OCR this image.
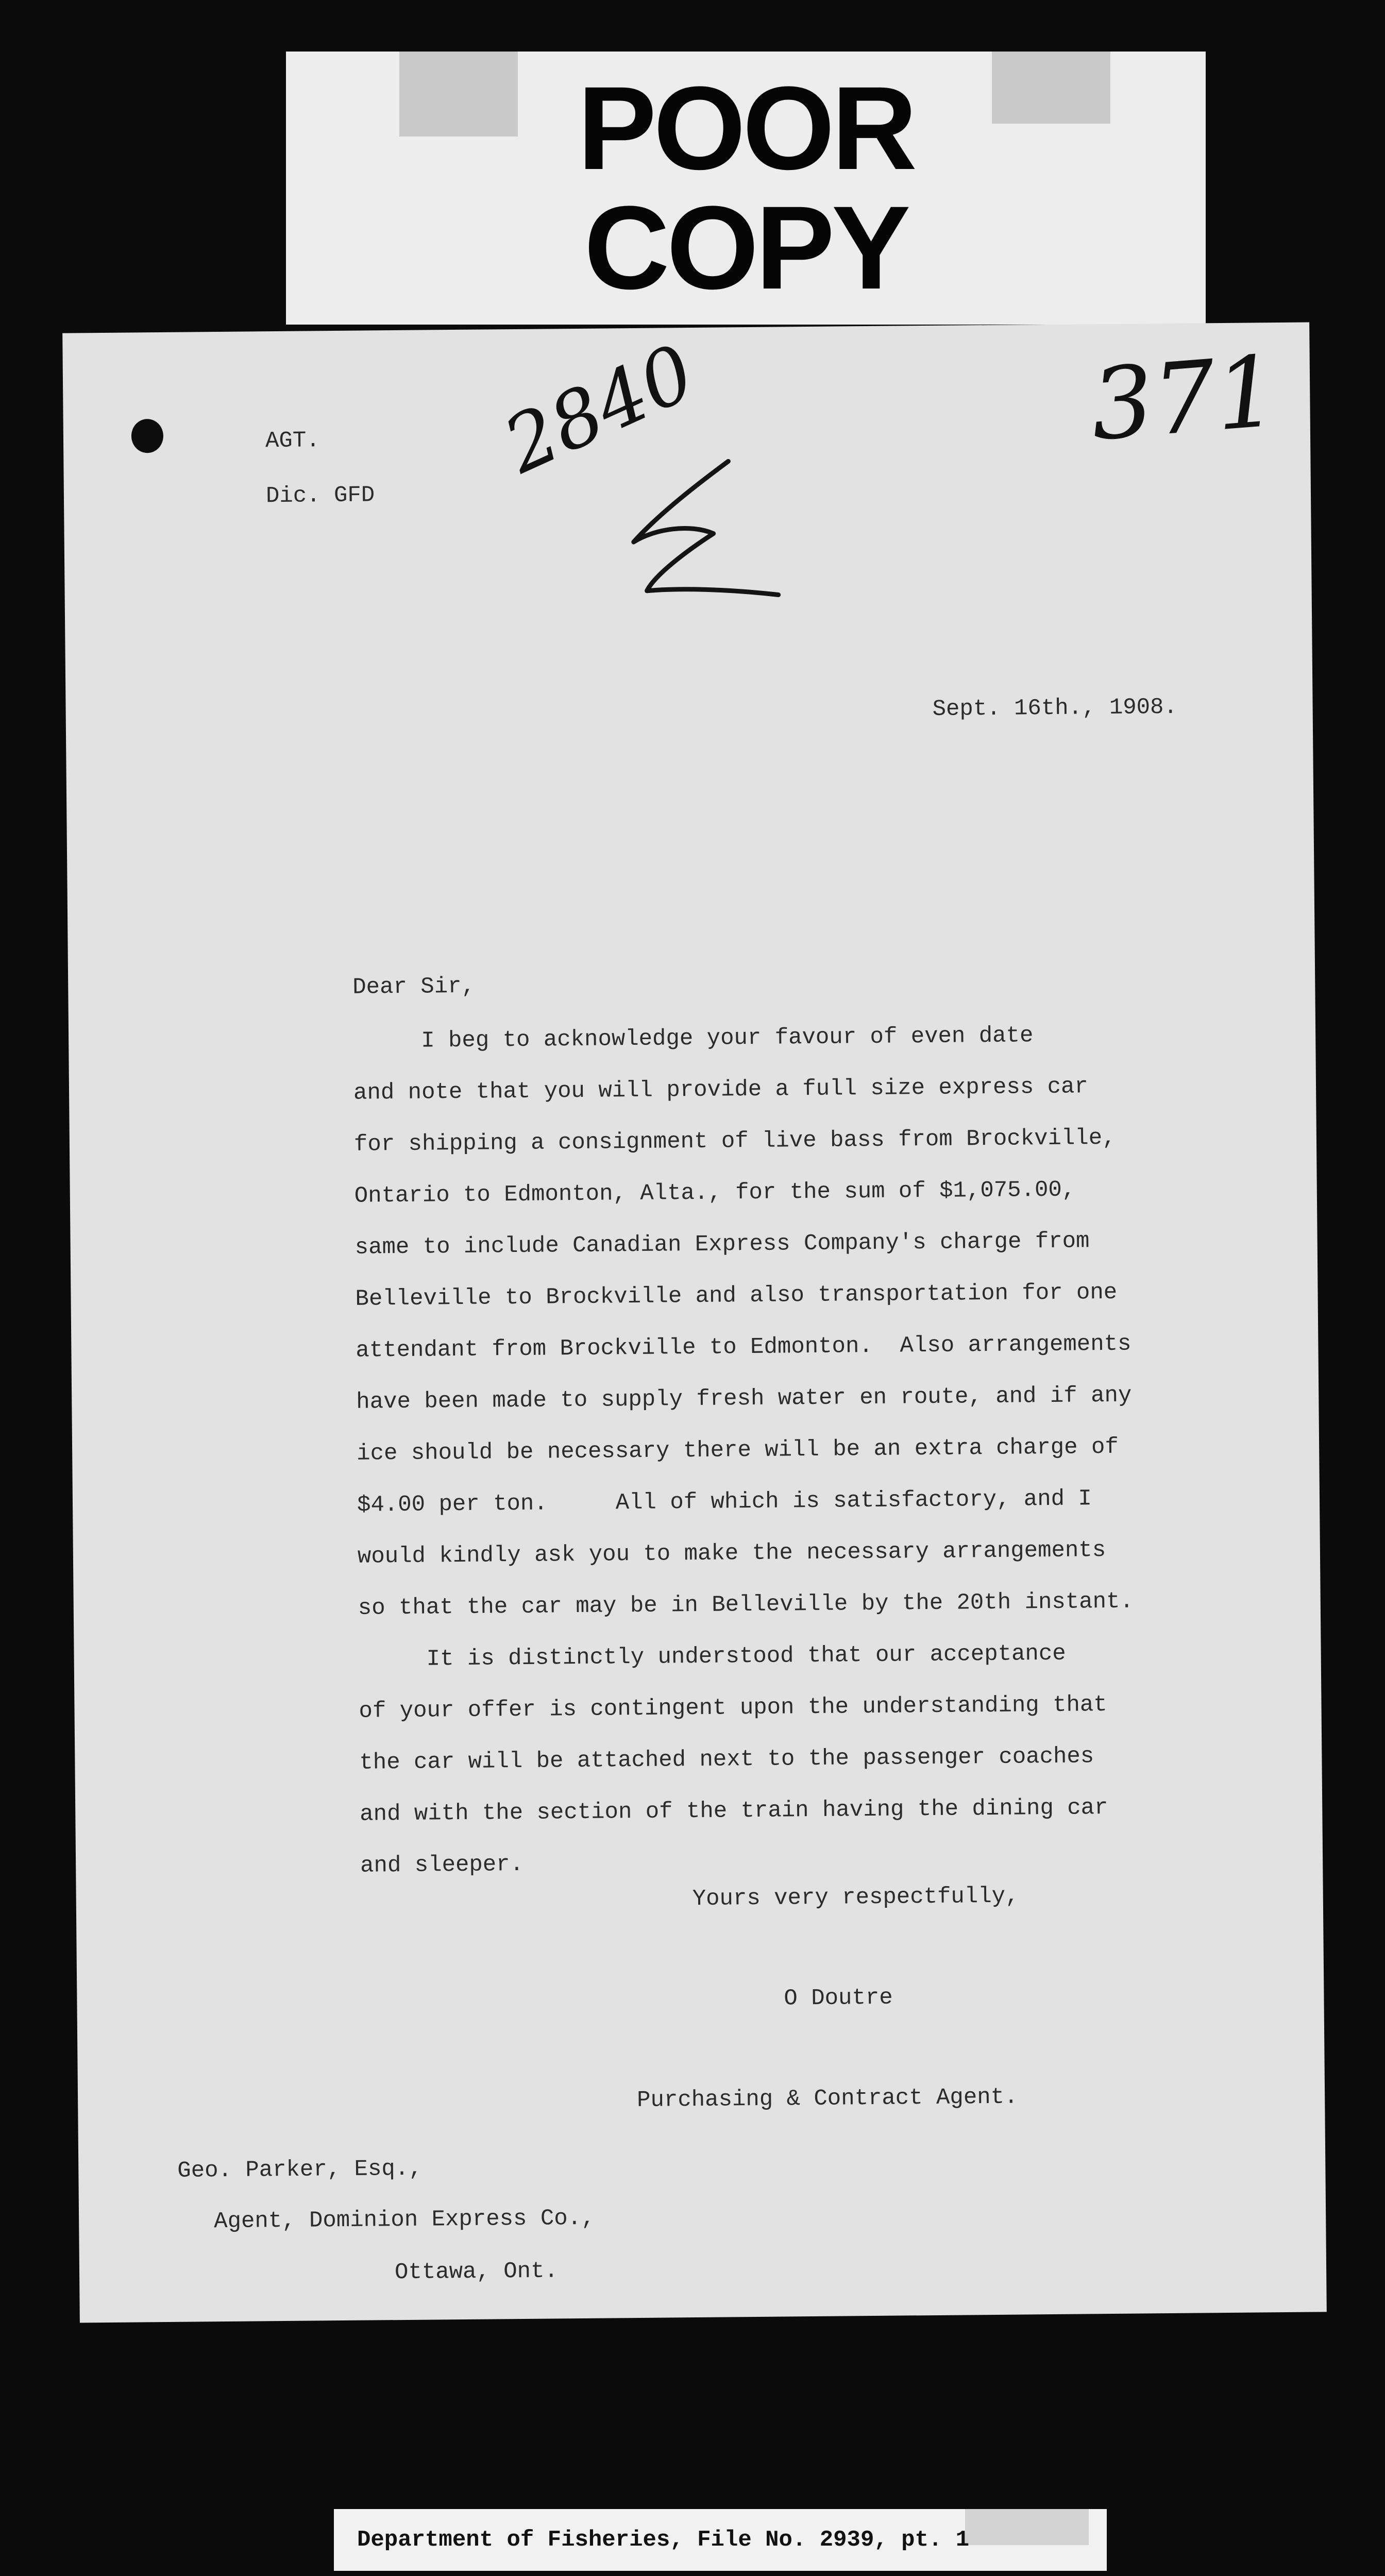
POOR
COPY
AGT.
Dic. GFD
2840	371
Sept. 16th., 1908.
Dear Sir,
I beg to acknowledge your favour of even date
and note that you will provide a full size express car
for shipping a consignment of live bass from Brockville,
Ontario to Edmonton, Alta., for the sum of $1,075.00,
same to include Canadian Express Company's charge from
Belleville to Brockville and also transportation for one
attendant from Brockville to Edmonton.  Also arrangements
have been made to supply fresh water en route, and if any
ice should be necessary there will be an extra charge of
$4.00 per ton.     All of which is satisfactory, and I
would kindly ask you to make the necessary arrangements
so that the car may be in Belleville by the 20th instant.
It is distinctly understood that our acceptance
of your offer is contingent upon the understanding that
the car will be attached next to the passenger coaches
and with the section of the train having the dining car
and sleeper.
Yours very respectfully,
O Doutre
Purchasing & Contract Agent.
Geo. Parker, Esq.,
Agent, Dominion Express Co.,
Ottawa, Ont.
Department of Fisheries, File No. 2939, pt. 1
